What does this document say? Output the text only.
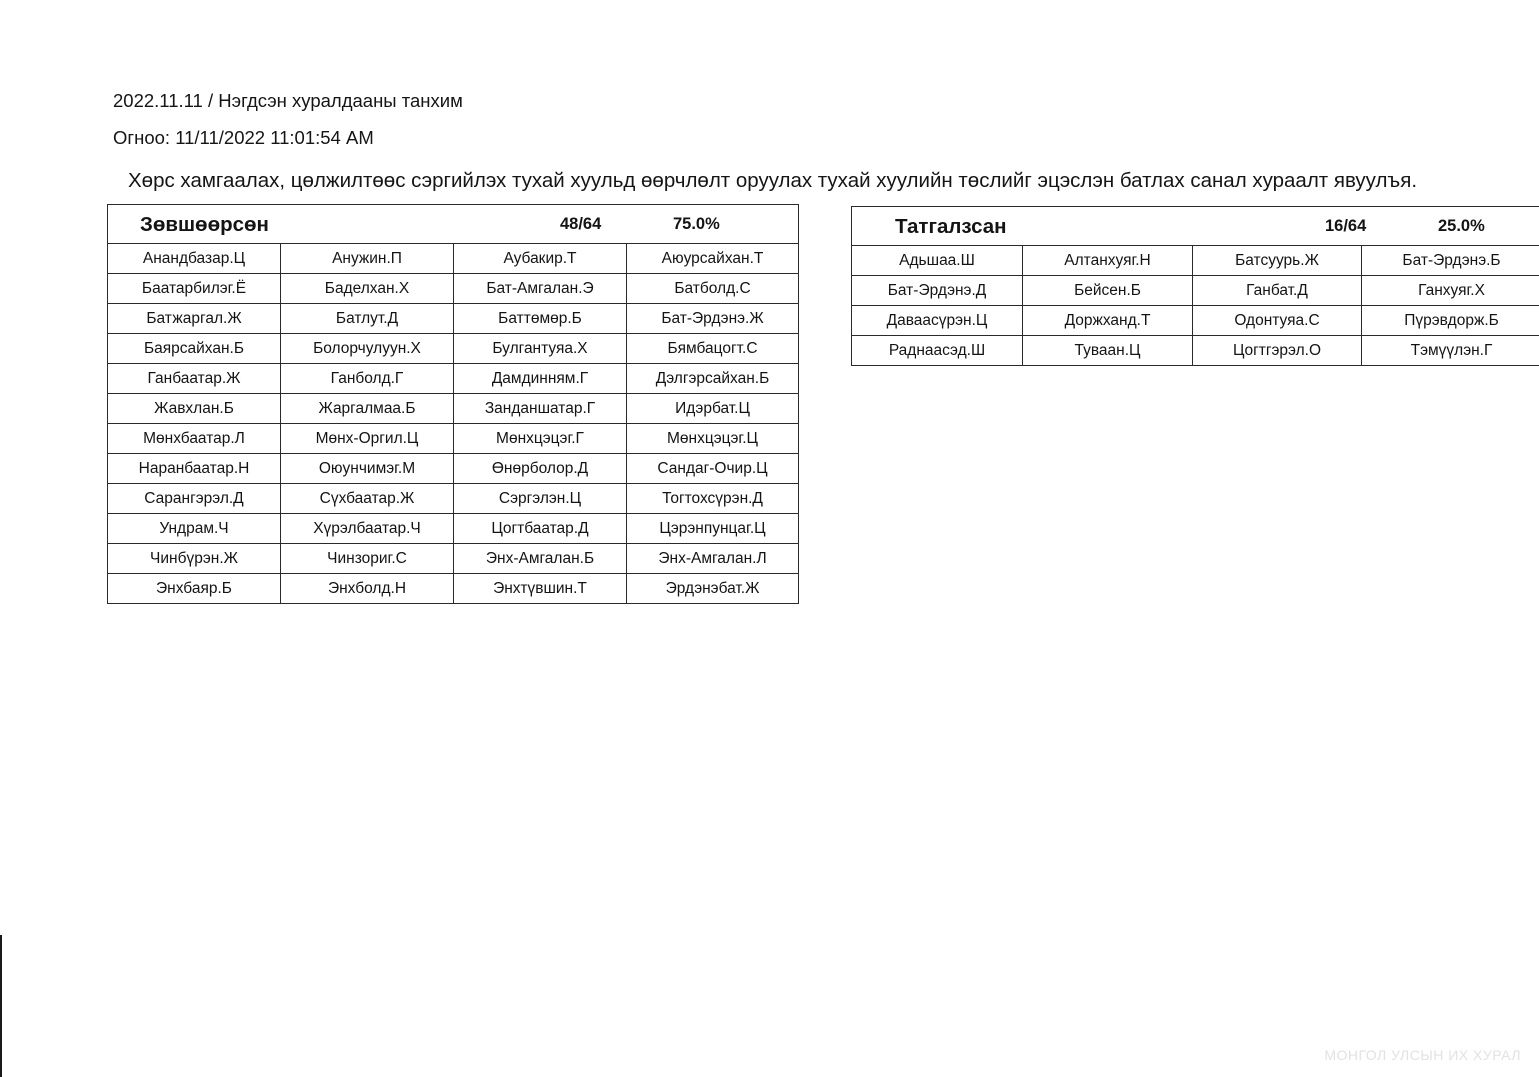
2022.11.11 / Нэгдсэн хуралдааны танхим
Огноо: 11/11/2022 11:01:54 AM
Хөрс хамгаалах, цөлжилтөөс сэргийлэх тухай хуульд өөрчлөлт оруулах тухай хуулийн төслийг эцэслэн батлах санал хураалт явуулъя.
Зөвшөөрсөн 48/64 75.0%			

Анандбазар.Ц	Анужин.П	Аубакир.Т	Аюурсайхан.Т
Баатарбилэг.Ё	Баделхан.Х	Бат-Амгалан.Э	Батболд.С
Батжаргал.Ж	Батлут.Д	Баттөмөр.Б	Бат-Эрдэнэ.Ж
Баярсайхан.Б	Болорчулуун.Х	Булгантуяа.Х	Бямбацогт.С
Ганбаатар.Ж	Ганболд.Г	Дамдинням.Г	Дэлгэрсайхан.Б
Жавхлан.Б	Жаргалмаа.Б	Занданшатар.Г	Идэрбат.Ц
Мөнхбаатар.Л	Мөнх-Оргил.Ц	Мөнхцэцэг.Г	Мөнхцэцэг.Ц
Наранбаатар.Н	Оюунчимэг.М	Өнөрболор.Д	Сандаг-Очир.Ц
Сарангэрэл.Д	Сүхбаатар.Ж	Сэргэлэн.Ц	Тогтохсүрэн.Д
Ундрам.Ч	Хүрэлбаатар.Ч	Цогтбаатар.Д	Цэрэнпунцаг.Ц
Чинбүрэн.Ж	Чинзориг.С	Энх-Амгалан.Б	Энх-Амгалан.Л
Энхбаяр.Б	Энхболд.Н	Энхтүвшин.Т	Эрдэнэбат.Ж
Татгалзсан 16/64 25.0%			

Адьшаа.Ш	Алтанхуяг.Н	Батсуурь.Ж	Бат-Эрдэнэ.Б
Бат-Эрдэнэ.Д	Бейсен.Б	Ганбат.Д	Ганхуяг.Х
Даваасүрэн.Ц	Доржханд.Т	Одонтуяа.С	Пүрэвдорж.Б
Раднаасэд.Ш	Туваан.Ц	Цогтгэрэл.О	Тэмүүлэн.Г
МОНГОЛ УЛСЫН ИХ ХУРАЛ
